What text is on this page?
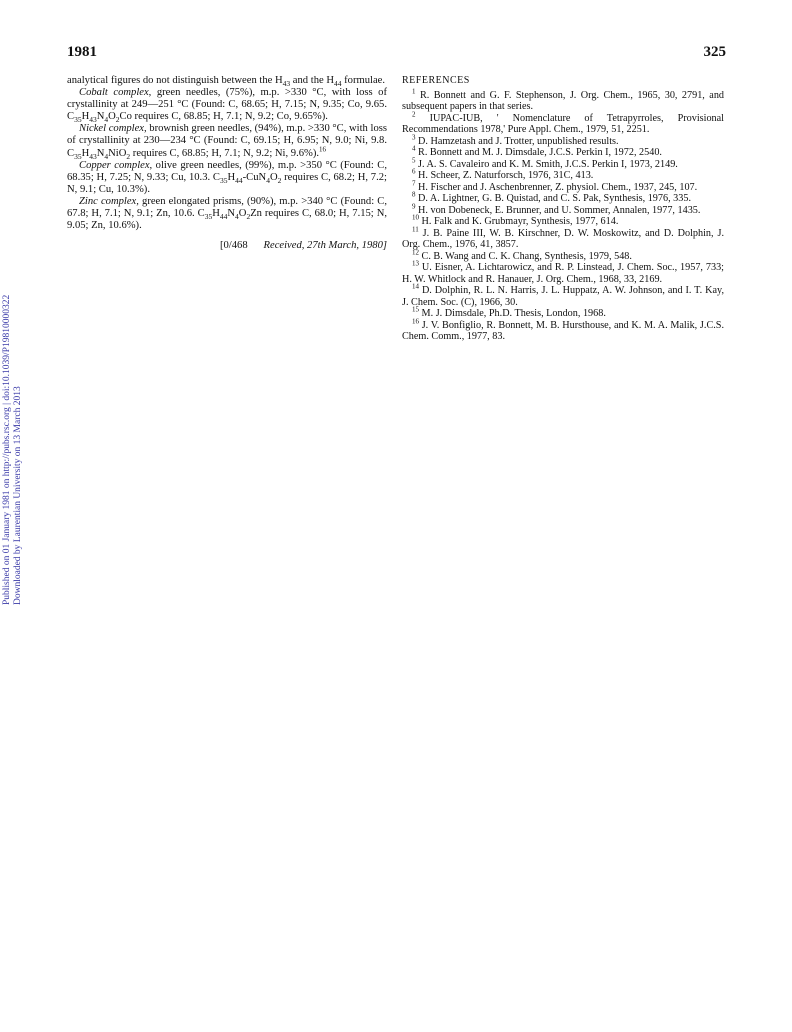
1981	325
Published on 01 January 1981 on http://pubs.rsc.org | doi:10.1039/P19810000322 Downloaded by Laurentian University on 13 March 2013

analytical figures do not distinguish between the $H_{43}$ and the $H_{44}$ formulae.

Cobalt complex, green needles, (75%), m.p. >330 °C, with loss of crystallinity at 249—251 °C (Found: C, 68.65; H, 7.15; N, 9.35; Co, 9.65. $C_{35}H_{43}N_4O_2Co$ requires C, 68.85; H, 7.1; N, 9.2; Co, 9.65%).

Nickel complex, brownish green needles, (94%), m.p. >330 °C, with loss of crystallinity at 230—234 °C (Found: C, 69.15; H, 6.95; N, 9.0; Ni, 9.8. $C_{35}H_{43}N_4NiO_2$ requires C, 68.85; H, 7.1; N, 9.2; Ni, 9.6%).$^{16}$

Copper complex, olive green needles, (99%), m.p. >350 °C (Found: C, 68.35; H, 7.25; N, 9.33; Cu, 10.3. $C_{35}H_{44}-CuN_4O_2$ requires C, 68.2; H, 7.2; N, 9.1; Cu, 10.3%).

Zinc complex, green elongated prisms, (90%), m.p. >340 °C (Found: C, 67.8; H, 7.1; N, 9.1; Zn, 10.6. $C_{35}H_{44}N_4O_2Zn$ requires C, 68.0; H, 7.15; N, 9.05; Zn, 10.6%).

[0/468 Received, 27th March, 1980]

REFERENCES

$^1$ R. Bonnett and G. F. Stephenson, J. Org. Chem., 1965, 30, 2791, and subsequent papers in that series.

$^2$ IUPAC-IUB, ' Nomenclature of Tetrapyrroles, Provisional Recommendations 1978,' Pure Appl. Chem., 1979, 51, 2251.

$^3$ D. Hamzetash and J. Trotter, unpublished results.

$^4$ R. Bonnett and M. J. Dimsdale, J.C.S. Perkin I, 1972, 2540.

$^5$ J. A. S. Cavaleiro and K. M. Smith, J.C.S. Perkin I, 1973, 2149.

$^6$ H. Scheer, Z. Naturforsch, 1976, 31C, 413.

$^7$ H. Fischer and J. Aschenbrenner, Z. physiol. Chem., 1937, 245, 107.

$^8$ D. A. Lightner, G. B. Quistad, and C. S. Pak, Synthesis, 1976, 335.

$^9$ H. von Dobeneck, E. Brunner, and U. Sommer, Annalen, 1977, 1435.

$^{10}$ H. Falk and K. Grubmayr, Synthesis, 1977, 614.

$^{11}$ J. B. Paine III, W. B. Kirschner, D. W. Moskowitz, and D. Dolphin, J. Org. Chem., 1976, 41, 3857.

$^{12}$ C. B. Wang and C. K. Chang, Synthesis, 1979, 548.

$^{13}$ U. Eisner, A. Lichtarowicz, and R. P. Linstead, J. Chem. Soc., 1957, 733; H. W. Whitlock and R. Hanauer, J. Org. Chem., 1968, 33, 2169.

$^{14}$ D. Dolphin, R. L. N. Harris, J. L. Huppatz, A. W. Johnson, and I. T. Kay, J. Chem. Soc. (C), 1966, 30.

$^{15}$ M. J. Dimsdale, Ph.D. Thesis, London, 1968.

$^{16}$ J. V. Bonfiglio, R. Bonnett, M. B. Hursthouse, and K. M. A. Malik, J.C.S. Chem. Comm., 1977, 83.
